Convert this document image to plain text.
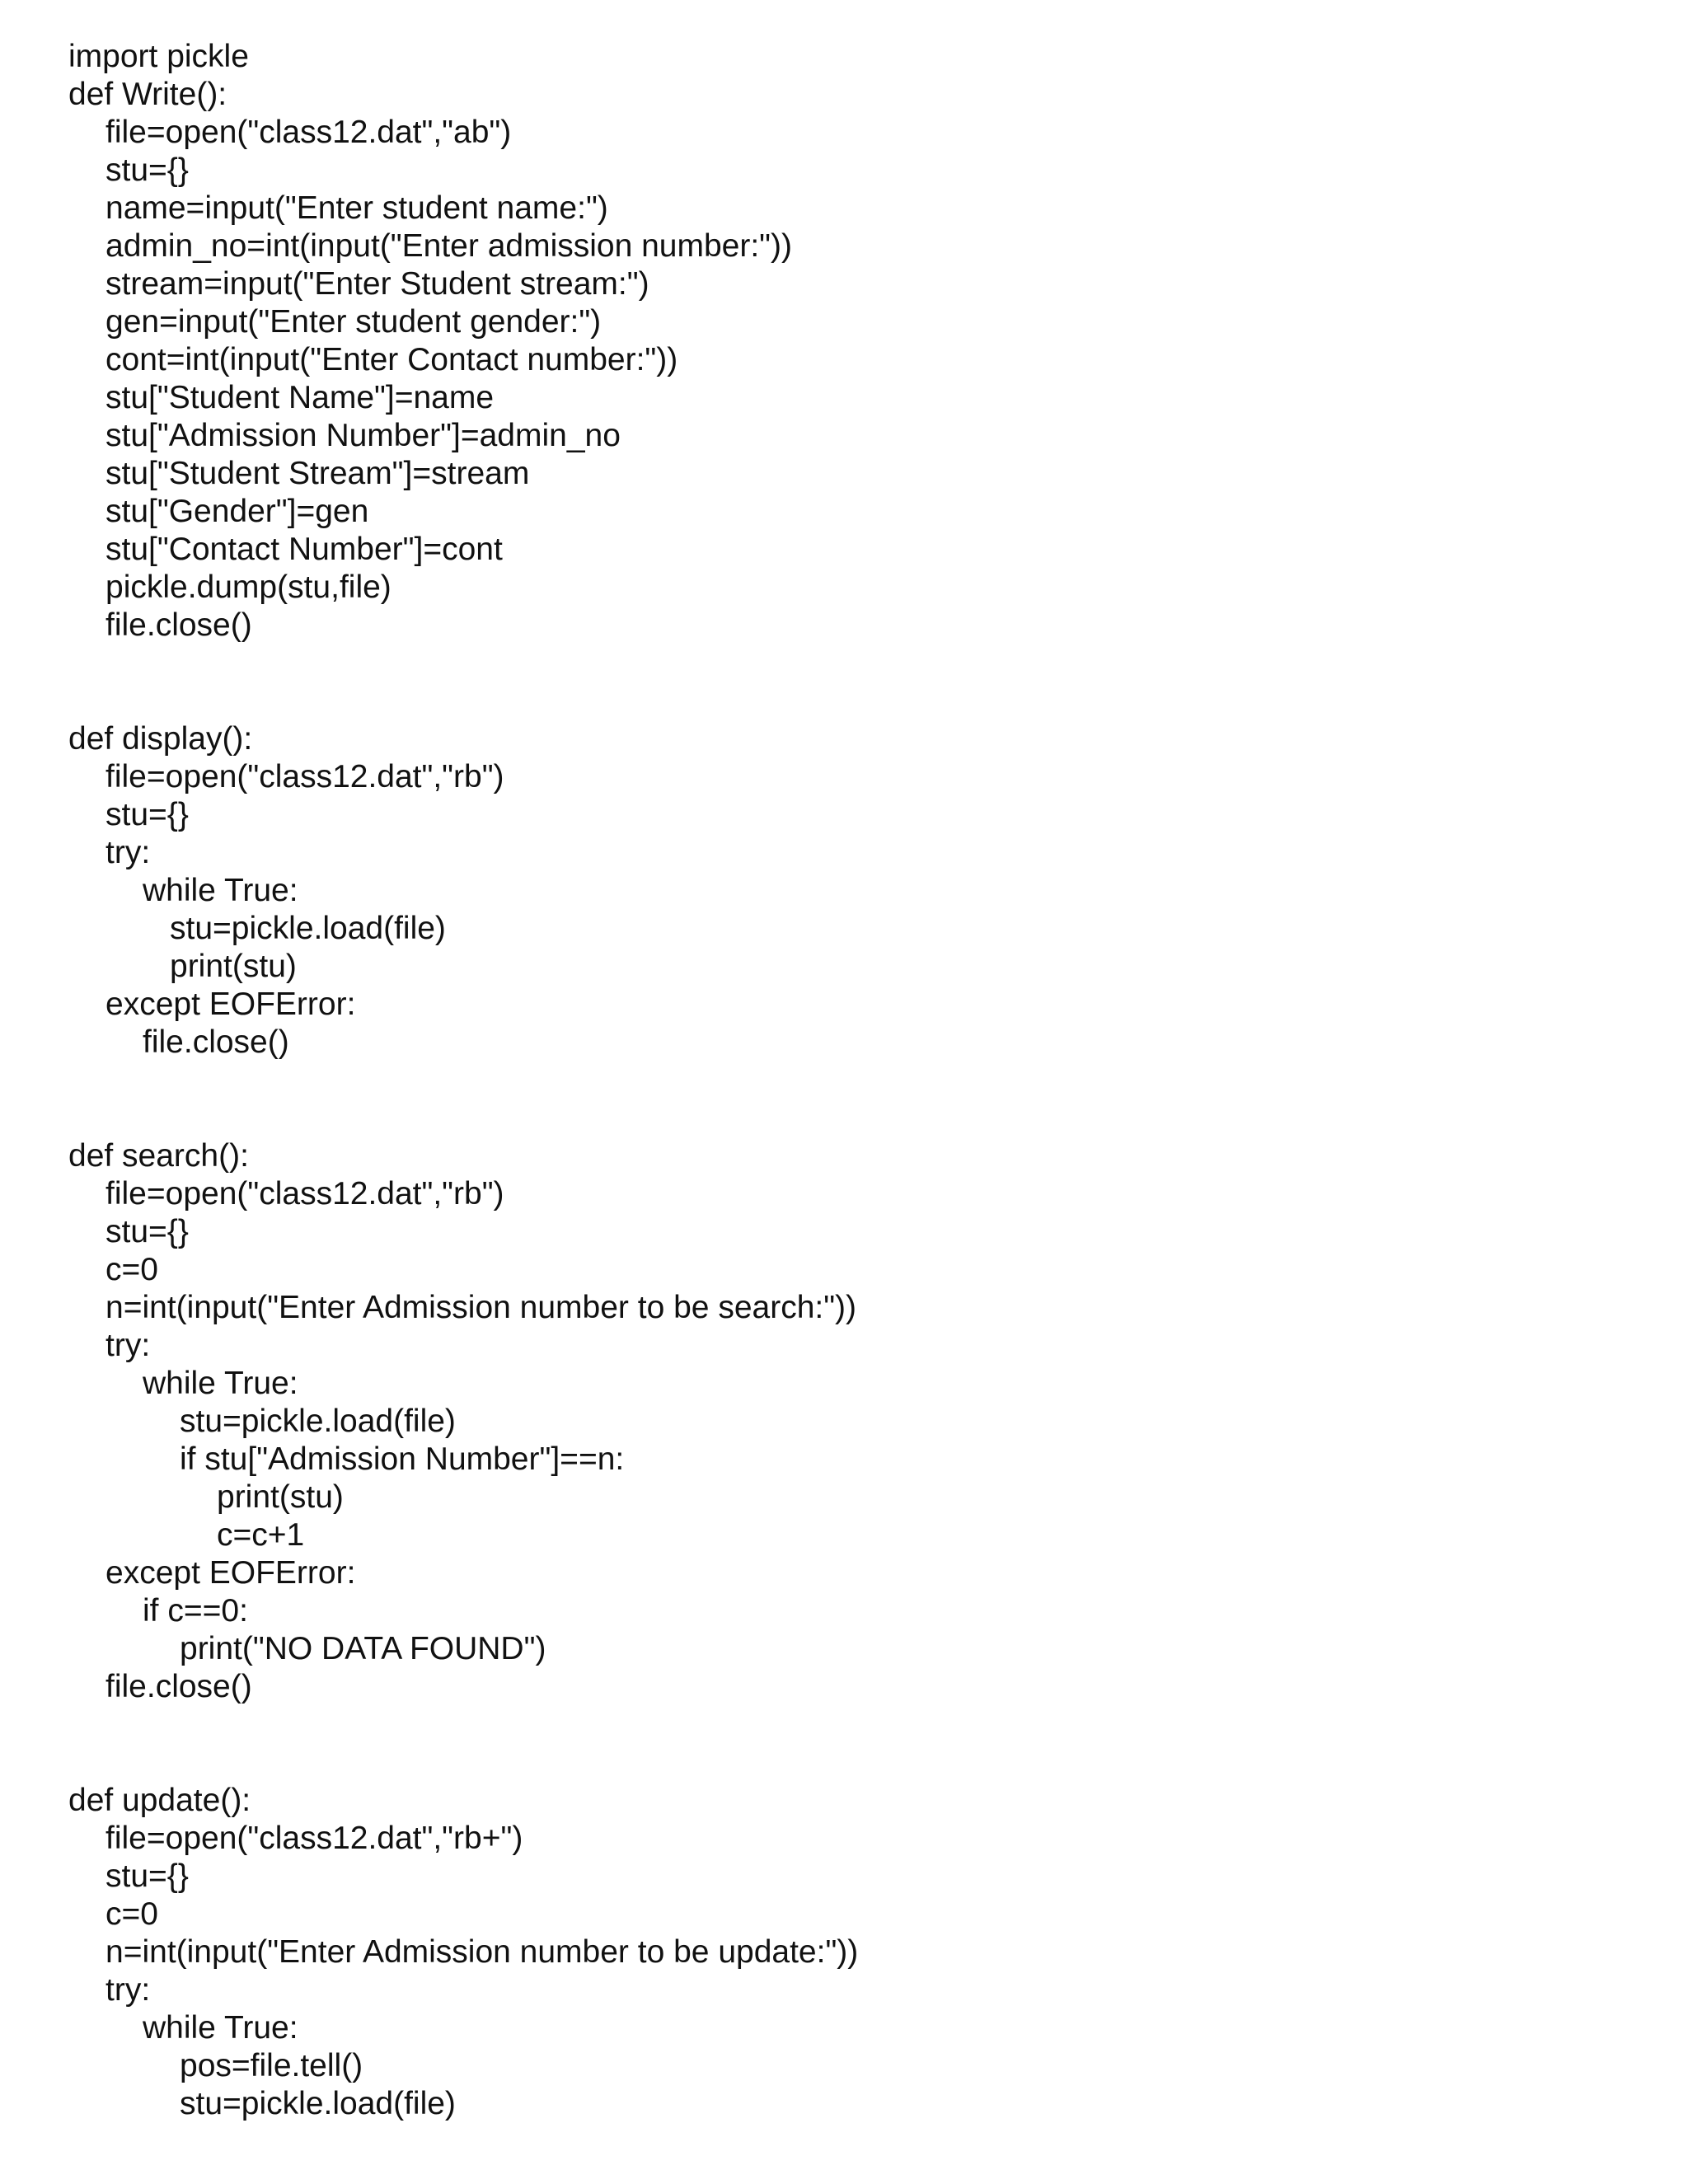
import pickle
def Write():
file=open("class12.dat","ab")
stu={}
name=input("Enter student name:")
admin_no=int(input("Enter admission number:"))
stream=input("Enter Student stream:")
gen=input("Enter student gender:")
cont=int(input("Enter Contact number:"))
stu["Student Name"]=name
stu["Admission Number"]=admin_no
stu["Student Stream"]=stream
stu["Gender"]=gen
stu["Contact Number"]=cont
pickle.dump(stu,file)
file.close()
def display():
file=open("class12.dat","rb")
stu={}
try:
while True:
stu=pickle.load(file)
print(stu)
except EOFError:
file.close()
def search():
file=open("class12.dat","rb")
stu={}
c=0
n=int(input("Enter Admission number to be search:"))
try:
while True:
stu=pickle.load(file)
if stu["Admission Number"]==n:
print(stu)
c=c+1
except EOFError:
if c==0:
print("NO DATA FOUND")
file.close()
def update():
file=open("class12.dat","rb+")
stu={}
c=0
n=int(input("Enter Admission number to be update:"))
try:
while True:
pos=file.tell()
stu=pickle.load(file)
